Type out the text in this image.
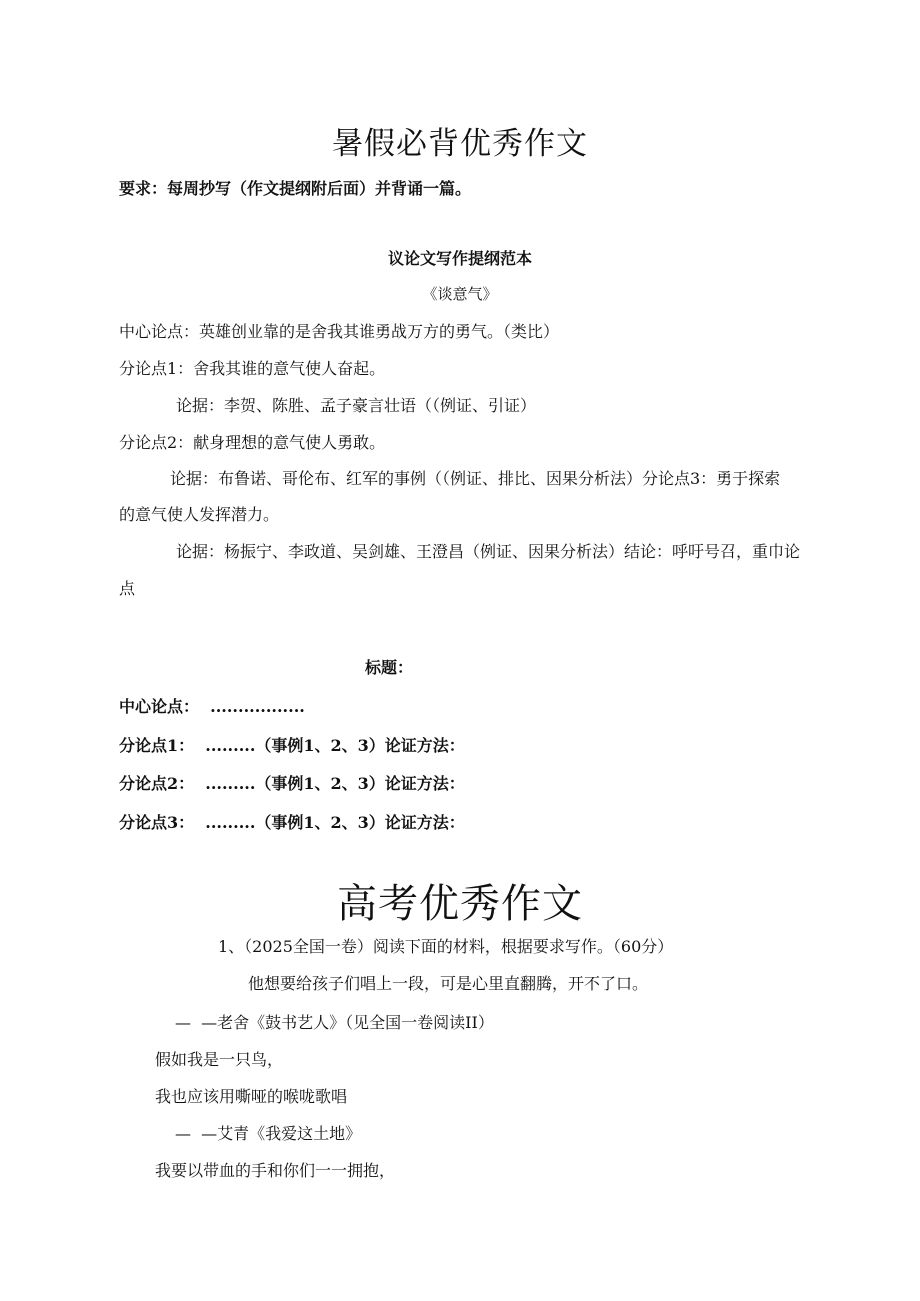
暑假必背优秀作文
要求：每周抄写（作文提纲附后面）并背诵一篇。
议论文写作提纲范本
《谈意气》
中心论点：英雄创业靠的是舍我其谁勇战万方的勇气。（类比）
分论点1：舍我其谁的意气使人奋起。
论据：李贺、陈胜、孟子豪言壮语（（例证、引证）
分论点2：献身理想的意气使人勇敢。
论据：布鲁诺、哥伦布、红军的事例（（例证、排比、因果分析法）分论点3：勇于探索
的意气使人发挥潜力。
论据：杨振宁、李政道、吴剑雄、王澄昌（例证、因果分析法）结论：呼吁号召，重巾论
点
标题：
中心论点：  .................
分论点1：  .........（事例1、2、3）论证方法：
分论点2：  .........（事例1、2、3）论证方法：
分论点3：  .........（事例1、2、3）论证方法：
高考优秀作文
1、（2025全国一卷）阅读下面的材料，根据要求写作。（60分）
他想要给孩子们唱上一段，可是心里直翻腾，开不了口。
—  —老舍《鼓书艺人》（见全国一卷阅读II）
假如我是一只鸟，
我也应该用嘶哑的喉咙歌唱
—  —艾青《我爱这土地》
我要以带血的手和你们一一拥抱，
